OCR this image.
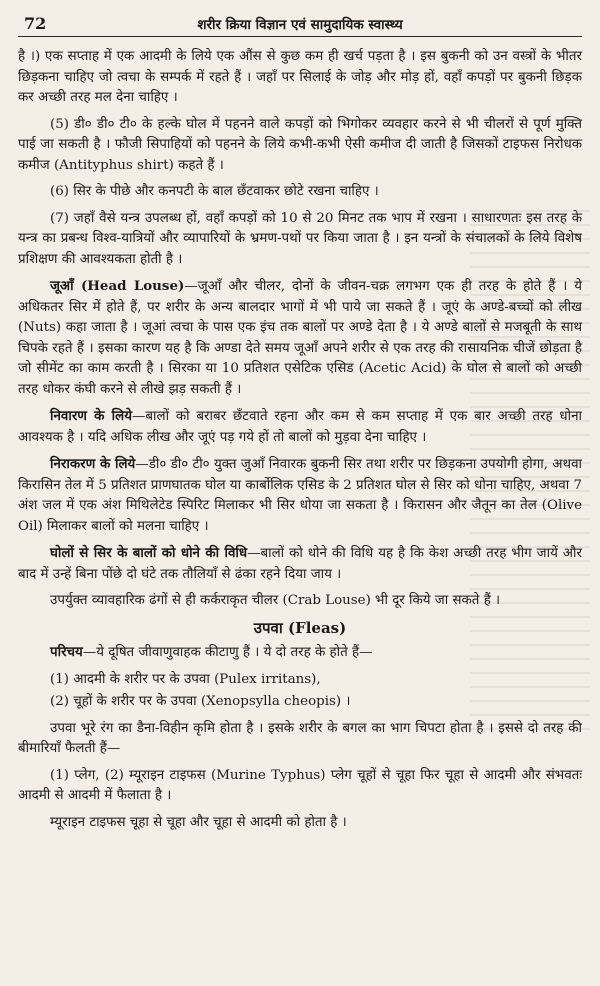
72	शरीर क्रिया विज्ञान एवं सामुदायिक स्वास्थ्य

है ।) एक सप्ताह में एक आदमी के लिये एक औंस से कुछ कम ही खर्च पड़ता है । इस बुकनी को उन वस्त्रों के भीतर छिड़कना चाहिए जो त्वचा के सम्पर्क में रहते हैं । जहाँ पर सिलाई के जोड़ और मोड़ हों, वहाँ कपड़ों पर बुकनी छिड़क कर अच्छी तरह मल देना चाहिए ।

(5) डी० डी० टी० के हल्के घोल में पहनने वाले कपड़ों को भिगोकर व्यवहार करने से भी चीलरों से पूर्ण मुक्ति पाई जा सकती है । फौजी सिपाहियों को पहनने के लिये कभी-कभी ऐसी कमीज दी जाती है जिसकों टाइफस निरोधक कमीज (Antityphus shirt) कहते हैं ।

(6) सिर के पीछे और कनपटी के बाल छँटवाकर छोटे रखना चाहिए ।

(7) जहाँ वैसे यन्त्र उपलब्ध हों, वहाँ कपड़ों को 10 से 20 मिनट तक भाप में रखना । साधारणतः इस तरह के यन्त्र का प्रबन्ध विश्व-यात्रियों और व्यापारियों के भ्रमण-पथों पर किया जाता है । इन यन्त्रों के संचालकों के लिये विशेष प्रशिक्षण की आवश्यकता होती है ।

जूआँ (Head Louse)—जूआँ और चीलर, दोनों के जीवन-चक्र लगभग एक ही तरह के होते हैं । ये अधिकतर सिर में होते हैं, पर शरीर के अन्य बालदार भागों में भी पाये जा सकते हैं । जूएं के अण्डे-बच्चों को लीख (Nuts) कहा जाता है । जूआं त्वचा के पास एक इंच तक बालों पर अण्डे देता है । ये अण्डे बालों से मजबूती के साथ चिपके रहते हैं । इसका कारण यह है कि अण्डा देते समय जूआँ अपने शरीर से एक तरह की रासायनिक चीजें छोड़ता है जो सीमेंट का काम करती है । सिरका या 10 प्रतिशत एसेटिक एसिड (Acetic Acid) के घोल से बालों को अच्छी तरह धोकर कंघी करने से लीखे झड़ सकती हैं ।

निवारण के लिये—बालों को बराबर छँटवाते रहना और कम से कम सप्ताह में एक बार अच्छी तरह धोना आवश्यक है । यदि अधिक लीख और जूएं पड़ गये हों तो बालों को मुड़वा देना चाहिए ।

निराकरण के लिये—डी० डी० टी० युक्त जुआँ निवारक बुकनी सिर तथा शरीर पर छिड़कना उपयोगी होगा, अथवा किरासिन तेल में 5 प्रतिशत प्राणघातक घोल या कार्बोलिक एसिड के 2 प्रतिशत घोल से सिर को धोना चाहिए, अथवा 7 अंश जल में एक अंश मिथिलेटेड स्पिरिट मिलाकर भी सिर धोया जा सकता है । किरासन और जैतून का तेल (Olive Oil) मिलाकर बालों को मलना चाहिए ।

घोलों से सिर के बालों को धोने की विधि—बालों को धोने की विधि यह है कि केश अच्छी तरह भीग जायें और बाद में उन्हें बिना पोंछे दो घंटे तक तौलियाँ से ढंका रहने दिया जाय ।

उपर्युक्त व्यावहारिक ढंगों से ही कर्कराकृत चीलर (Crab Louse) भी दूर किये जा सकते हैं ।

उपवा (Fleas)

परिचय—ये दूषित जीवाणुवाहक कीटाणु हैं । ये दो तरह के होते हैं—

(1) आदमी के शरीर पर के उपवा (Pulex irritans),

(2) चूहों के शरीर पर के उपवा (Xenopsylla cheopis) ।

उपवा भूरे रंग का डैना-विहीन कृमि होता है । इसके शरीर के बगल का भाग चिपटा होता है । इससे दो तरह की बीमारियाँ फैलती हैं—

(1) प्लेग, (2) म्यूराइन टाइफस (Murine Typhus) प्लेग चूहों से चूहा फिर चूहा से आदमी और संभवतः आदमी से आदमी में फैलाता है ।

म्यूराइन टाइफस चूहा से चूहा और चूहा से आदमी को होता है ।
